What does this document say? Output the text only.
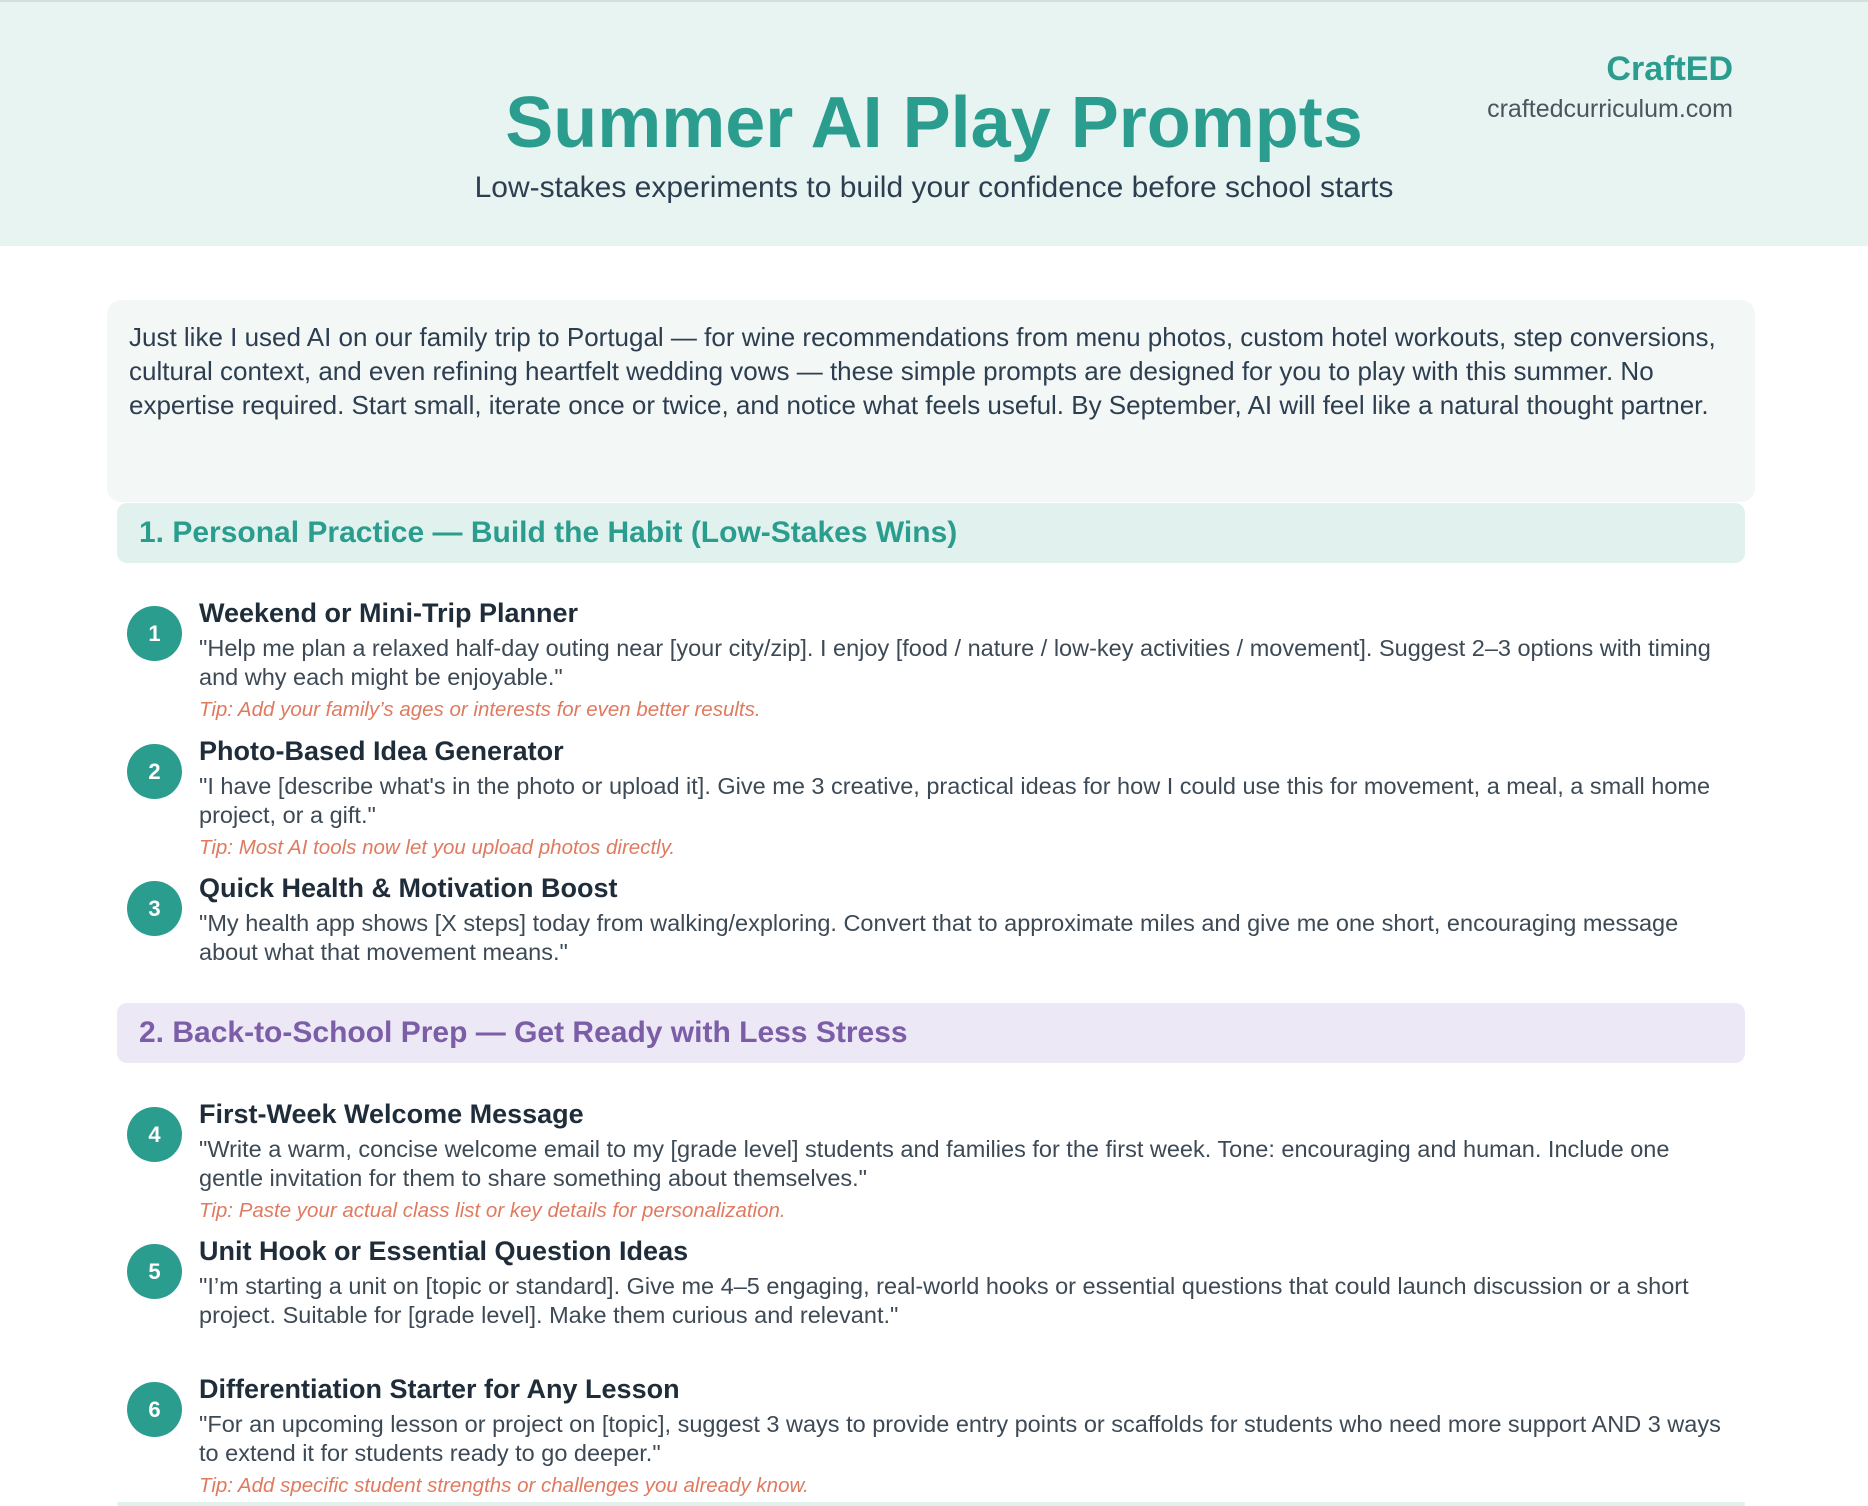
Summer AI Play Prompts
Low-stakes experiments to build your confidence before school starts
CraftED
craftedcurriculum.com
Just like I used AI on our family trip to Portugal — for wine recommendations from menu photos, custom hotel workouts, step conversions, cultural context, and even refining heartfelt wedding vows — these simple prompts are designed for you to play with this summer. No expertise required. Start small, iterate once or twice, and notice what feels useful. By September, AI will feel like a natural thought partner.
1. Personal Practice — Build the Habit (Low-Stakes Wins)
1
Weekend or Mini-Trip Planner
"Help me plan a relaxed half-day outing near [your city/zip]. I enjoy [food / nature / low-key activities / movement]. Suggest 2–3 options with timing and why each might be enjoyable."
Tip: Add your family’s ages or interests for even better results.
2
Photo-Based Idea Generator
"I have [describe what's in the photo or upload it]. Give me 3 creative, practical ideas for how I could use this for movement, a meal, a small home project, or a gift."
Tip: Most AI tools now let you upload photos directly.
3
Quick Health & Motivation Boost
"My health app shows [X steps] today from walking/exploring. Convert that to approximate miles and give me one short, encouraging message about what that movement means."
2. Back-to-School Prep — Get Ready with Less Stress
4
First-Week Welcome Message
"Write a warm, concise welcome email to my [grade level] students and families for the first week. Tone: encouraging and human. Include one gentle invitation for them to share something about themselves."
Tip: Paste your actual class list or key details for personalization.
5
Unit Hook or Essential Question Ideas
"I’m starting a unit on [topic or standard]. Give me 4–5 engaging, real-world hooks or essential questions that could launch discussion or a short project. Suitable for [grade level]. Make them curious and relevant."
6
Differentiation Starter for Any Lesson
"For an upcoming lesson or project on [topic], suggest 3 ways to provide entry points or scaffolds for students who need more support AND 3 ways to extend it for students ready to go deeper."
Tip: Add specific student strengths or challenges you already know.
